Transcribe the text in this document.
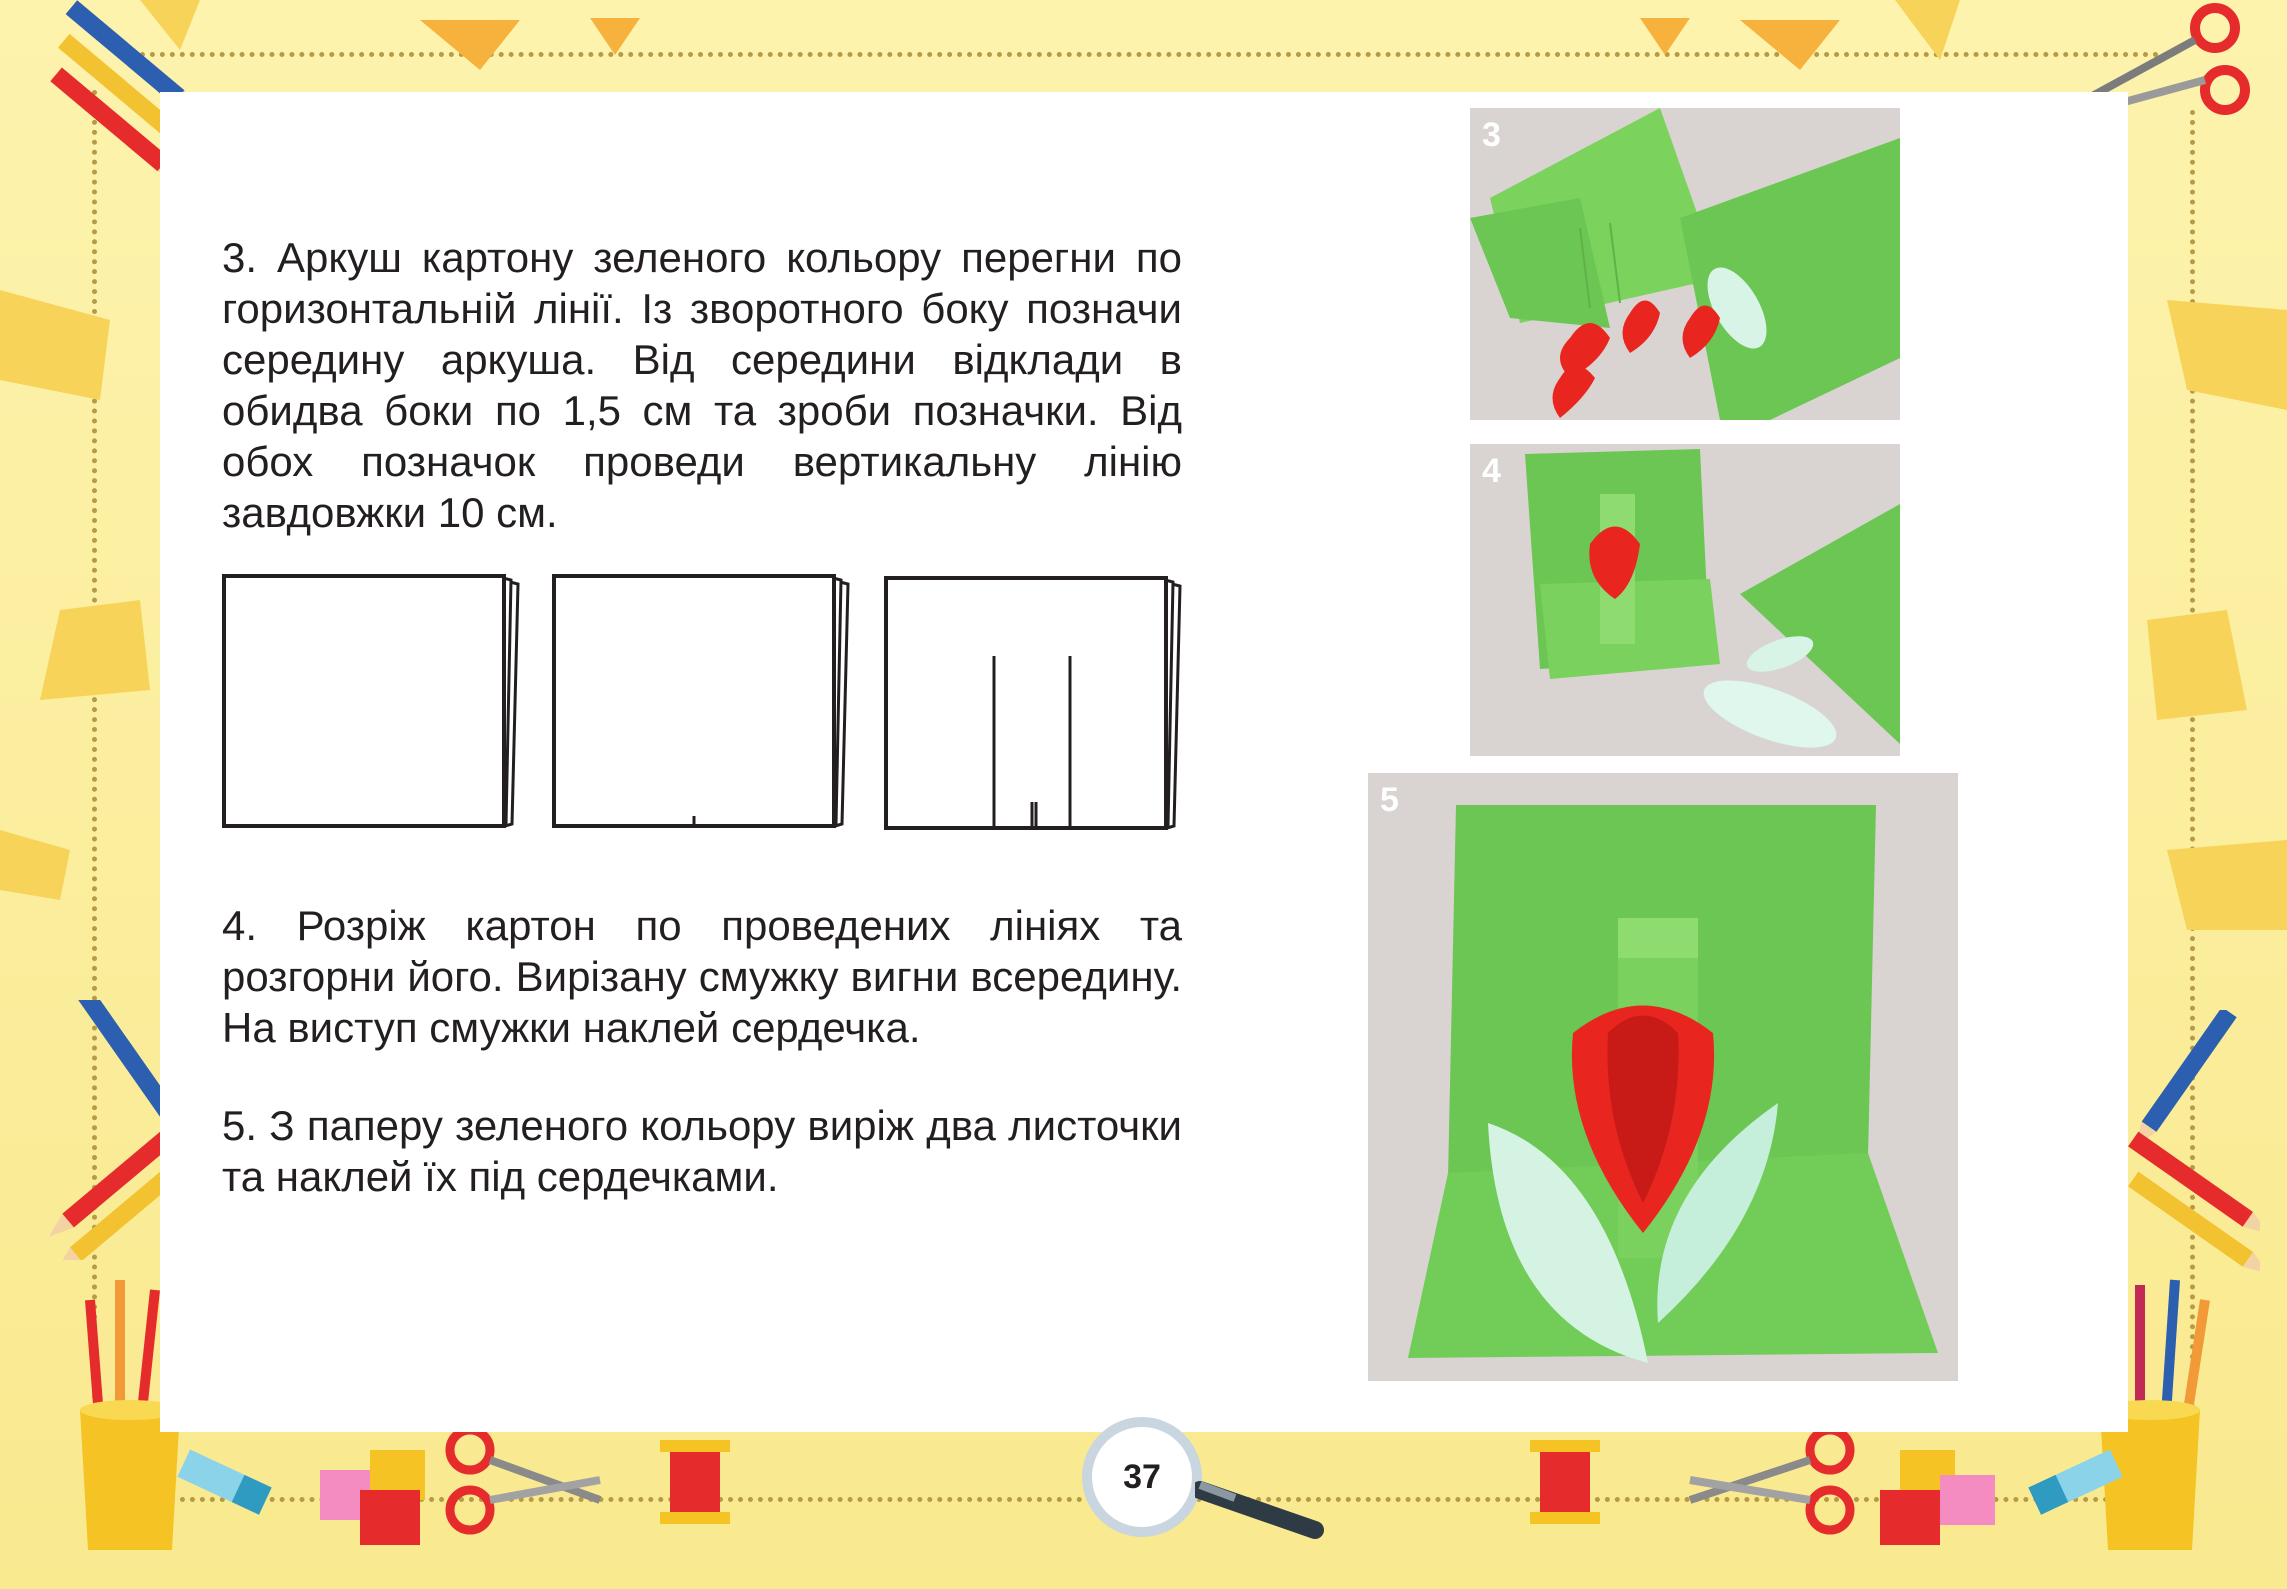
3. Аркуш картону зеленого кольору перегни по горизонтальній лінії. Із зворотного боку позначи середину аркуша. Від середини відклади в обидва боки по 1,5 см та зроби позначки. Від обох позначок проведи вертикальну лінію завдовжки 10 см.

4. Розріж картон по проведених лініях та розгорни його. Вирізану смужку вигни всередину. На виступ смужки наклей сердечка.

5. З паперу зеленого кольору виріж два листочки та наклей їх під сердечками.

3
4
5
37
